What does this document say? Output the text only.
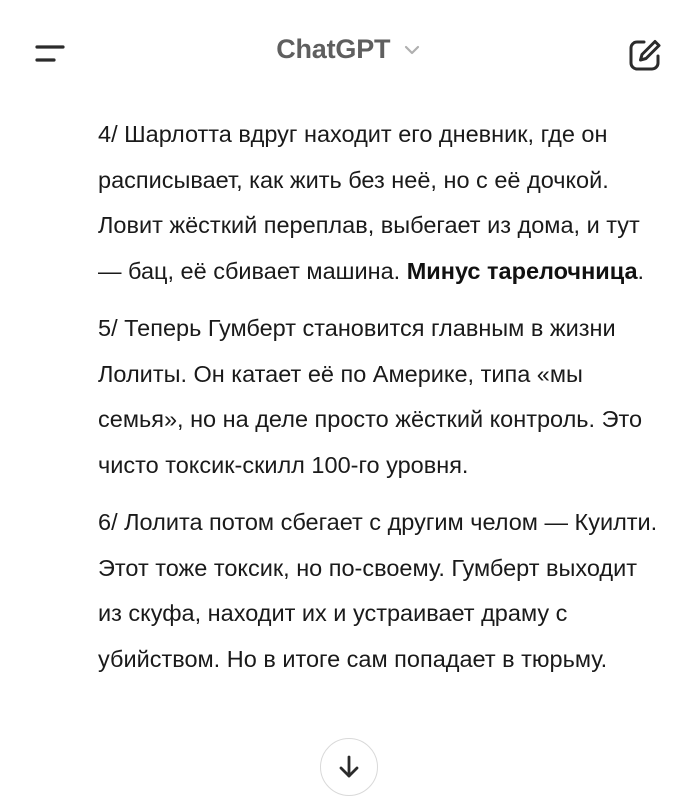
ChatGPT

4/ Шарлотта вдруг находит его дневник, где он расписывает, как жить без неё, но с её дочкой. Ловит жёсткий переплав, выбегает из дома, и тут — бац, её сбивает машина. Минус тарелочница.

5/ Теперь Гумберт становится главным в жизни Лолиты. Он катает её по Америке, типа «мы семья», но на деле просто жёсткий контроль. Это чисто токсик-скилл 100-го уровня.

6/ Лолита потом сбегает с другим челом — Куилти. Этот тоже токсик, но по-своему. Гумберт выходит из скуфа, находит их и устраивает драму с убийством. Но в итоге сам попадает в тюрьму.
